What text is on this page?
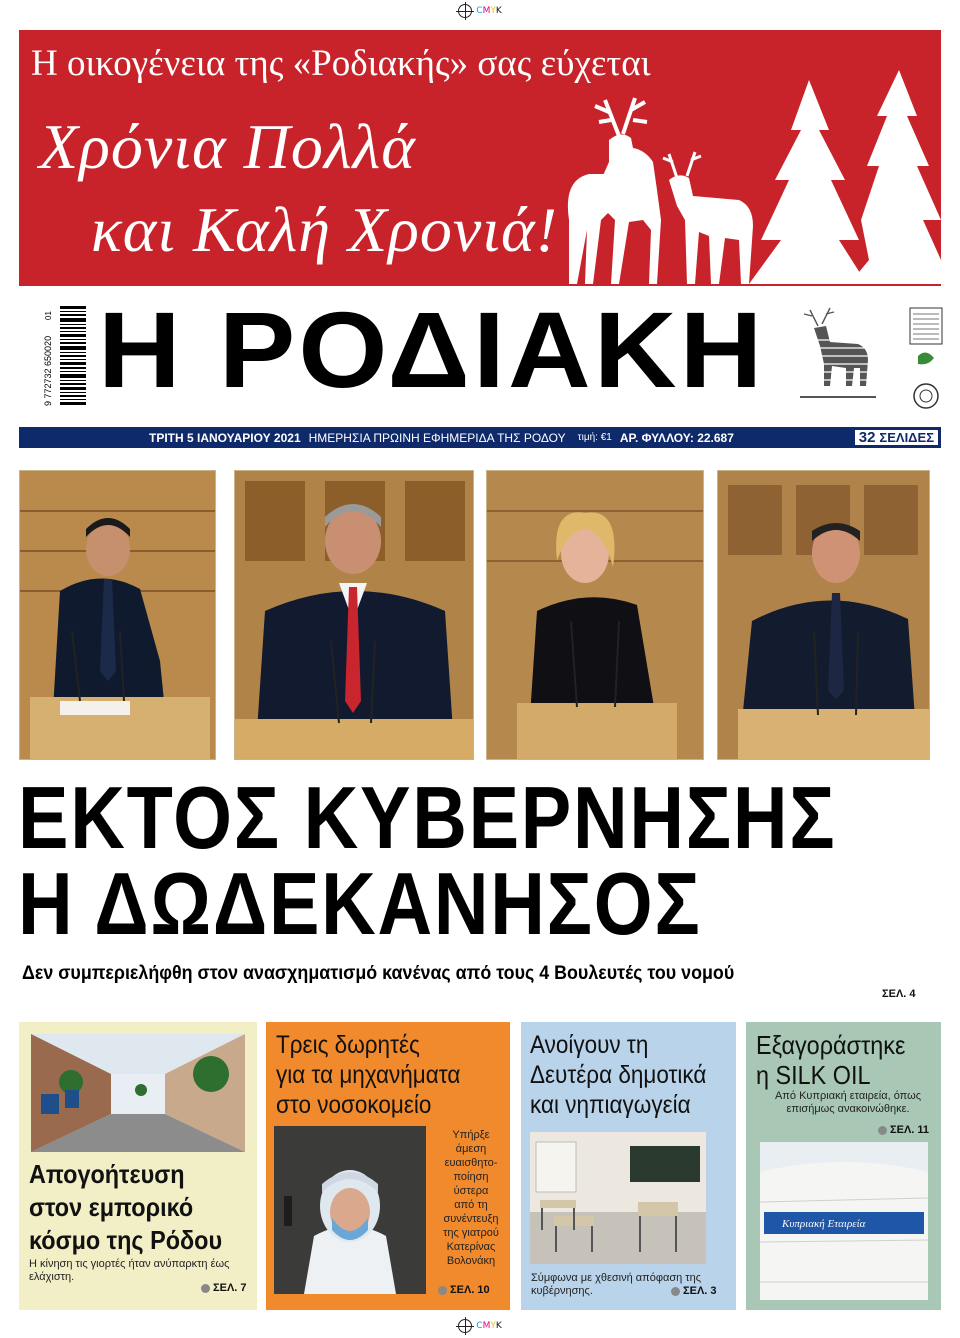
CMYK
Η οικογένεια της «Ροδιακής» σας εύχεται
Χρόνια Πολλά
και Καλή Χρονιά!
ΑΠΑ
9 772732 650020
01 Η ΡΟΔΙΑΚΗ
ΤΡΙΤΗ 5 ΙΑΝΟΥΑΡΙΟΥ 2021 ΗΜΕΡΗΣΙΑ ΠΡΩΙΝΗ ΕΦΗΜΕΡΙΔΑ ΤΗΣ ΡΟΔΟΥ τιμή: €1 ΑΡ. ΦΥΛΛΟΥ: 22.687	32 ΣΕΛΙΔΕΣ
ΕΚΤΟΣ ΚΥΒΕΡΝΗΣΗΣ
Η ΔΩΔΕΚΑΝΗΣΟΣ
Δεν συμπεριελήφθη στον ανασχηματισμό κανένας από τους 4 Βουλευτές του νομού
ΣΕΛ. 4
Απογοήτευση
στον εμπορικό
κόσμο της Ρόδου
Η κίνηση τις γιορτές ήταν ανύπαρκτη έως ελάχιστη.
ΣΕΛ. 7
Τρεις δωρητές
για τα μηχανήματα
στο νοσοκομείο
Υπήρξε
άμεση
ευαισθητο-
ποίηση
ύστερα
από τη
συνέντευξη
της γιατρού
Κατερίνας
Βολονάκη
ΣΕΛ. 10
Ανοίγουν τη
Δευτέρα δημοτικά
και νηπιαγωγεία
Σύμφωνα με χθεσινή απόφαση της κυβέρνησης.	ΣΕΛ. 3
Εξαγοράστηκε
η SILK OIL
Από Κυπριακή εταιρεία, όπως επισήμως ανακοινώθηκε.
ΣΕΛ. 11
Κυπριακή Εταιρεία
CMYK
